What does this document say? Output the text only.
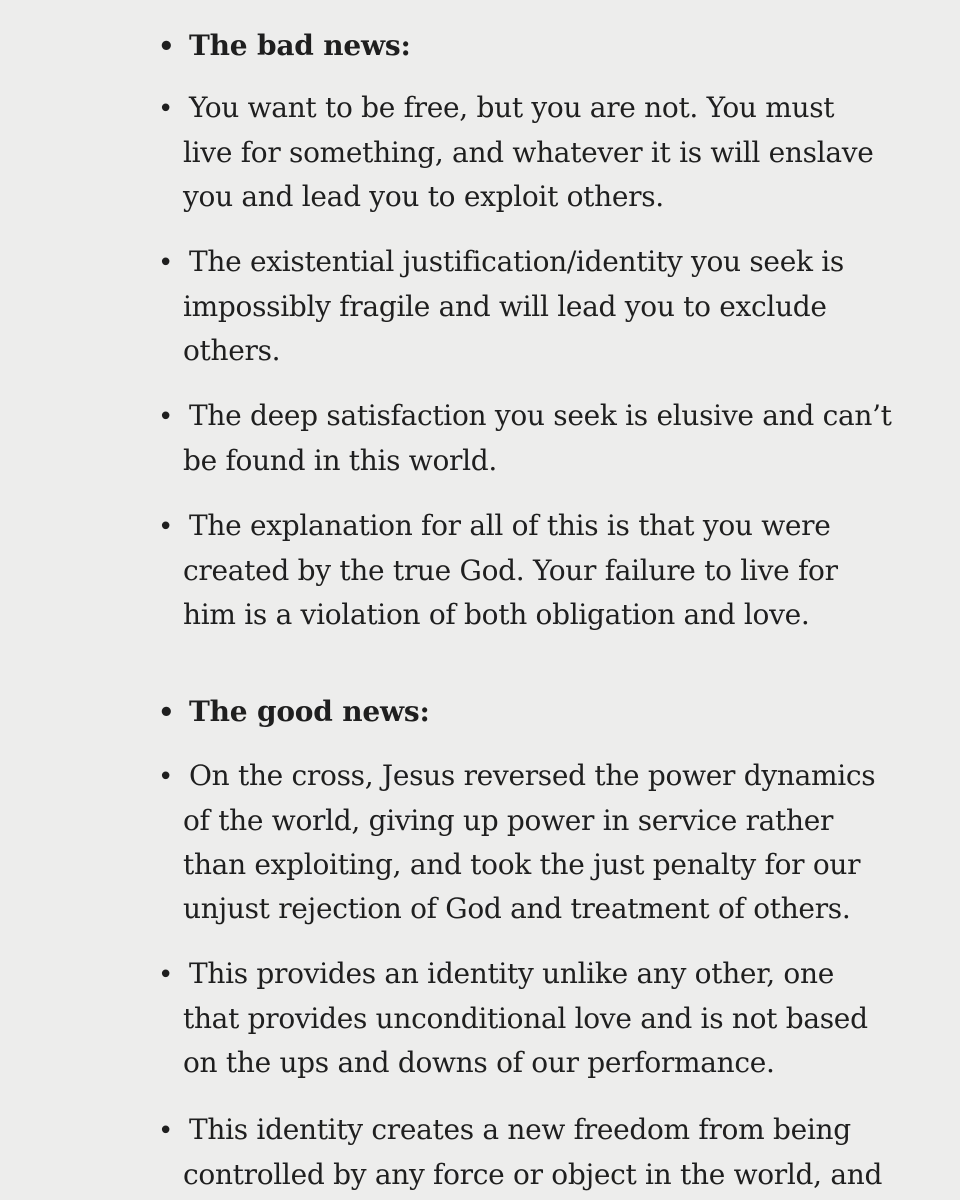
• The bad news:
• You want to be free, but you are not. You must
live for something, and whatever it is will enslave
you and lead you to exploit others.
• The existential justification/identity you seek is
impossibly fragile and will lead you to exclude
others.
• The deep satisfaction you seek is elusive and can’t
be found in this world.
• The explanation for all of this is that you were
created by the true God. Your failure to live for
him is a violation of both obligation and love.
• The good news:
• On the cross, Jesus reversed the power dynamics
of the world, giving up power in service rather
than exploiting, and took the just penalty for our
unjust rejection of God and treatment of others.
• This provides an identity unlike any other, one
that provides unconditional love and is not based
on the ups and downs of our performance.
• This identity creates a new freedom from being
controlled by any force or object in the world, and
